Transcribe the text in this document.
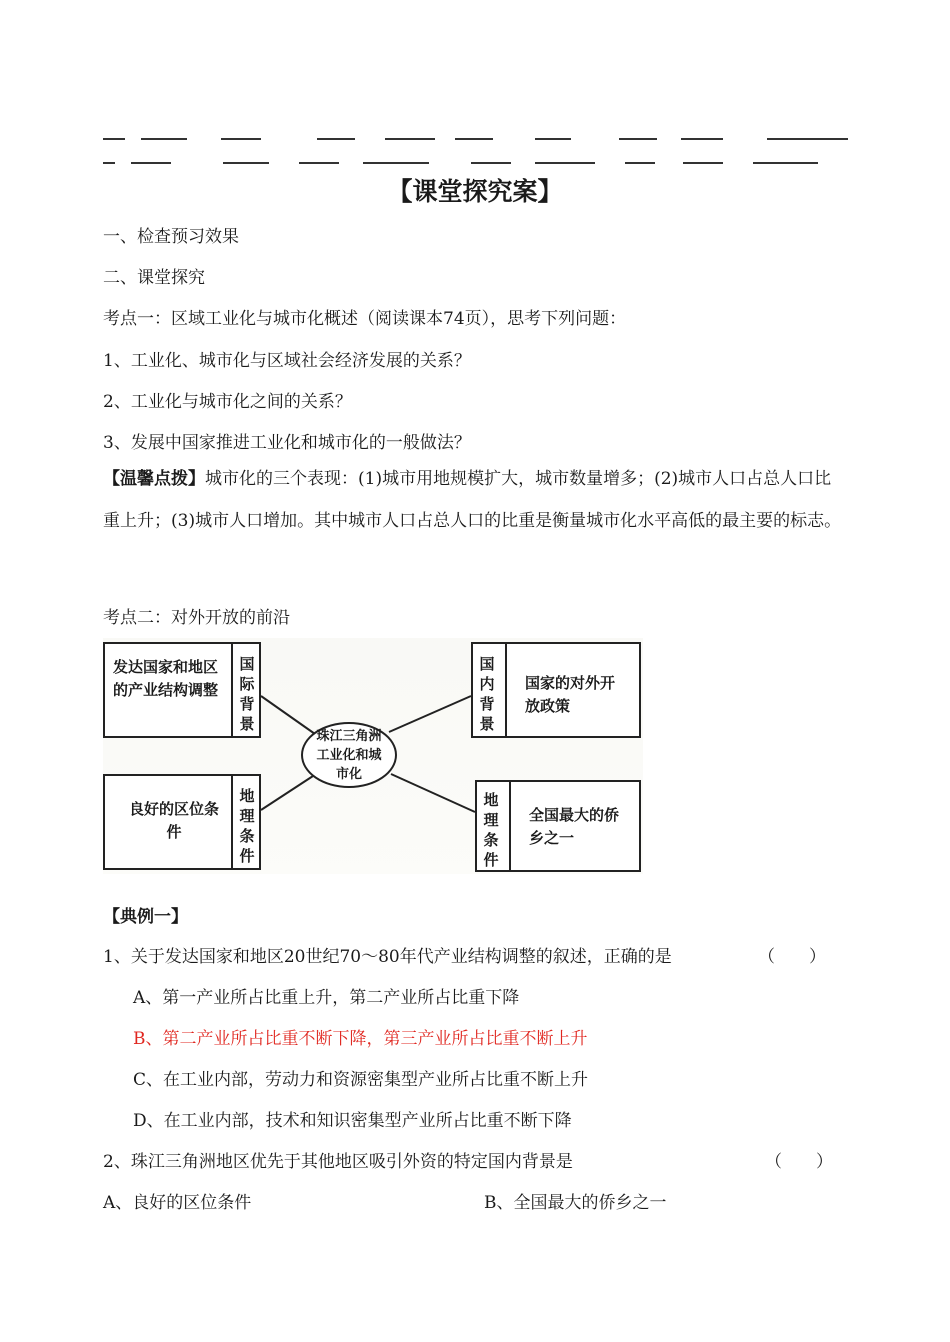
【课堂探究案】
一、检查预习效果
二、课堂探究
考点一：区域工业化与城市化概述（阅读课本74页），思考下列问题：
1、工业化、城市化与区域社会经济发展的关系？
2、工业化与城市化之间的关系？
3、发展中国家推进工业化和城市化的一般做法？
【温馨点拨】城市化的三个表现：(1)城市用地规模扩大，城市数量增多；(2)城市人口占总人口比重上升；(3)城市人口增加。其中城市人口占总人口的比重是衡量城市化水平高低的最主要的标志。
考点二：对外开放的前沿
发达国家和地区的产业结构调整
国际背景
国内背景
国家的对外开放政策
珠江三角洲工业化和城市化
良好的区位条件
地理条件
地理条件
全国最大的侨乡之一
【典例一】
1、关于发达国家和地区20世纪70～80年代产业结构调整的叙述，正确的是	（　　）
A、第一产业所占比重上升，第二产业所占比重下降
B、第二产业所占比重不断下降，第三产业所占比重不断上升
C、在工业内部，劳动力和资源密集型产业所占比重不断上升
D、在工业内部，技术和知识密集型产业所占比重不断下降
2、珠江三角洲地区优先于其他地区吸引外资的特定国内背景是	（　　）
A、良好的区位条件	B、全国最大的侨乡之一
